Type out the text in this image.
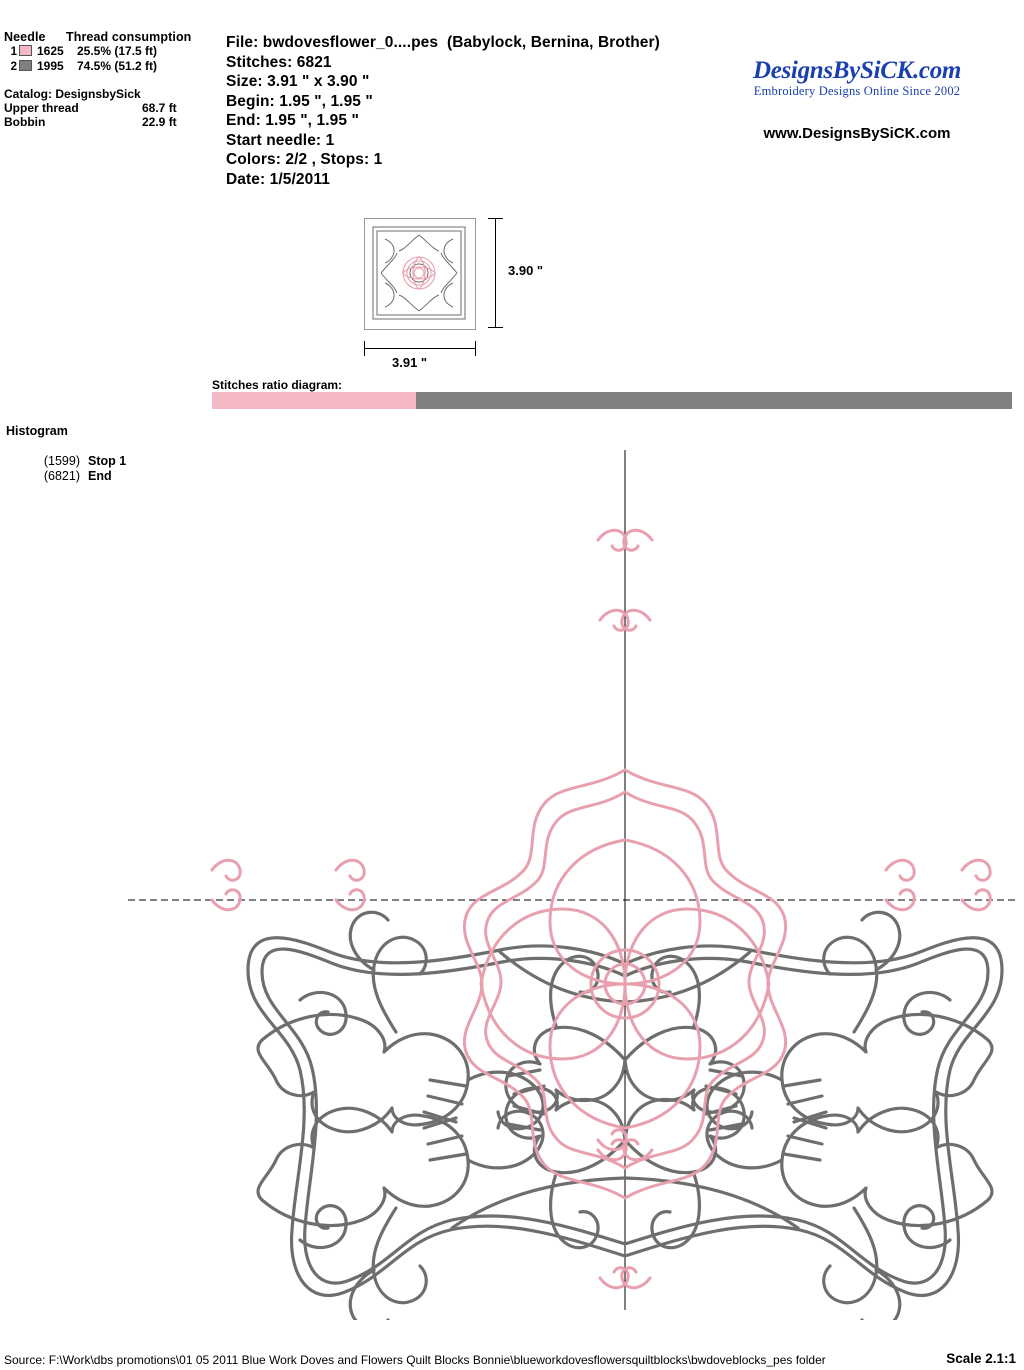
Needle Thread consumption
1 1625 25.5% (17.5 ft)
2 1995 74.5% (51.2 ft)
Catalog: DesignsbySick
Upper thread	68.7 ft
Bobbin	22.9 ft
File: bwdovesflower_0....pes (Babylock, Bernina, Brother)
Stitches: 6821
Size: 3.91 " x 3.90 "
Begin: 1.95 ", 1.95 "
End: 1.95 ", 1.95 "
Start needle: 1
Colors: 2/2 , Stops: 1
Date: 1/5/2011
DesignsBySiCK.com
Embroidery Designs Online Since 2002
www.DesignsBySiCK.com
3.90 "
3.91 "
Stitches ratio diagram:
Histogram
(1599) Stop 1
(6821) End
Source: F:\Work\dbs promotions\01 05 2011 Blue Work Doves and Flowers Quilt Blocks Bonnie\blueworkdovesflowersquiltblocks\bwdoveblocks_pes folder	Scale 2.1:1
